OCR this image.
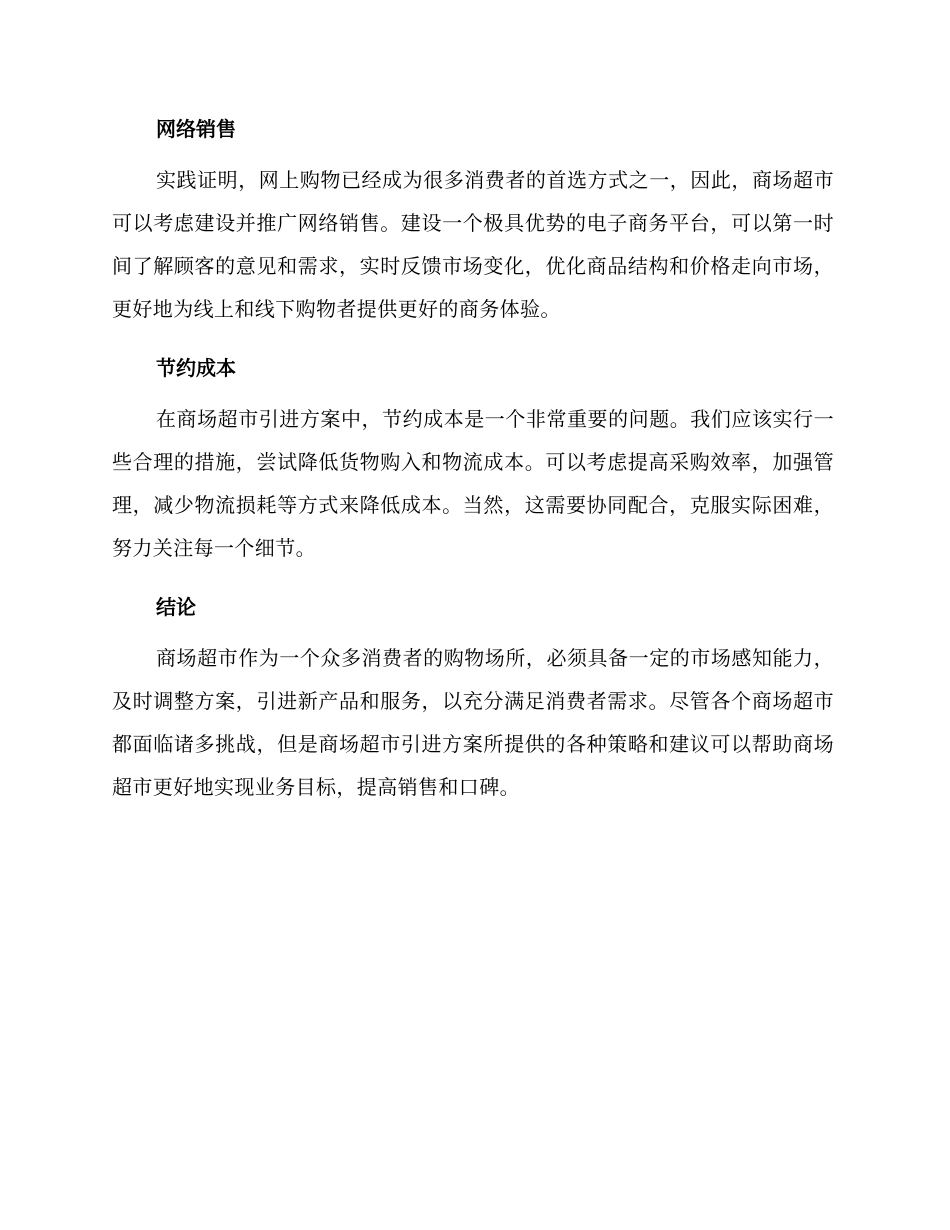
网络销售

实践证明，网上购物已经成为很多消费者的首选方式之一，因此，商场超市可以考虑建设并推广网络销售。建设一个极具优势的电子商务平台，可以第一时间了解顾客的意见和需求，实时反馈市场变化，优化商品结构和价格走向市场，更好地为线上和线下购物者提供更好的商务体验。

节约成本

在商场超市引进方案中，节约成本是一个非常重要的问题。我们应该实行一些合理的措施，尝试降低货物购入和物流成本。可以考虑提高采购效率，加强管理，减少物流损耗等方式来降低成本。当然，这需要协同配合，克服实际困难，努力关注每一个细节。

结论

商场超市作为一个众多消费者的购物场所，必须具备一定的市场感知能力，及时调整方案，引进新产品和服务，以充分满足消费者需求。尽管各个商场超市都面临诸多挑战，但是商场超市引进方案所提供的各种策略和建议可以帮助商场超市更好地实现业务目标，提高销售和口碑。
